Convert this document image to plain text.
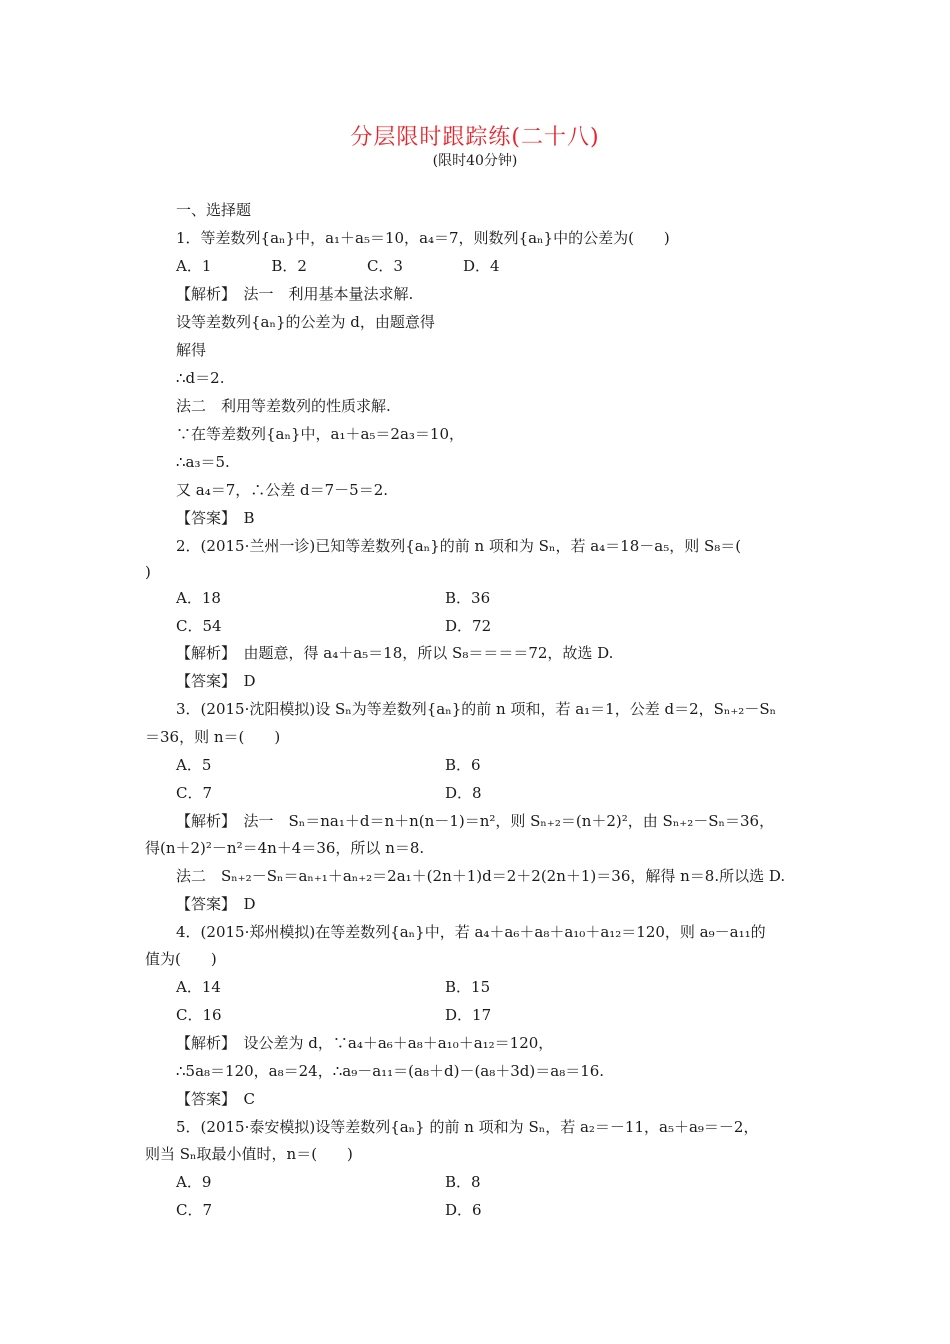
分层限时跟踪练(二十八)
(限时40分钟)
一、选择题
1．等差数列{aₙ}中，a₁＋a₅＝10，a₄＝7，则数列{aₙ}中的公差为(　　)
A．1　　　　B．2　　　　C．3　　　　D．4
【解析】　法一　利用基本量法求解.
设等差数列{aₙ}的公差为 d，由题意得
解得
∴d＝2.
法二　利用等差数列的性质求解.
∵在等差数列{aₙ}中，a₁＋a₅＝2a₃＝10，
∴a₃＝5.
又 a₄＝7，∴公差 d＝7－5＝2.
【答案】　B
2．(2015·兰州一诊)已知等差数列{aₙ}的前 n 项和为 Sₙ，若 a₄＝18－a₅，则 S₈＝(
)
A．18	B．36
C．54	D．72
【解析】　由题意，得 a₄＋a₅＝18，所以 S₈＝＝＝＝72，故选 D.
【答案】　D
3．(2015·沈阳模拟)设 Sₙ为等差数列{aₙ}的前 n 项和，若 a₁＝1，公差 d＝2，Sₙ₊₂－Sₙ
＝36，则 n＝(　　)
A．5	B．6
C．7	D．8
【解析】　法一　Sₙ＝na₁＋d＝n＋n(n－1)＝n²，则 Sₙ₊₂＝(n＋2)²，由 Sₙ₊₂－Sₙ＝36，
得(n＋2)²－n²＝4n＋4＝36，所以 n＝8.
法二　Sₙ₊₂－Sₙ＝aₙ₊₁＋aₙ₊₂＝2a₁＋(2n＋1)d＝2＋2(2n＋1)＝36，解得 n＝8.所以选 D.
【答案】　D
4．(2015·郑州模拟)在等差数列{aₙ}中，若 a₄＋a₆＋a₈＋a₁₀＋a₁₂＝120，则 a₉－a₁₁的
值为(　　)
A．14	B．15
C．16	D．17
【解析】　设公差为 d，∵a₄＋a₆＋a₈＋a₁₀＋a₁₂＝120，
∴5a₈＝120，a₈＝24，∴a₉－a₁₁＝(a₈＋d)－(a₈＋3d)＝a₈＝16.
【答案】　C
5．(2015·泰安模拟)设等差数列{aₙ} 的前 n 项和为 Sₙ，若 a₂＝－11，a₅＋a₉＝－2，
则当 Sₙ取最小值时，n＝(　　)
A．9	B．8
C．7	D．6
